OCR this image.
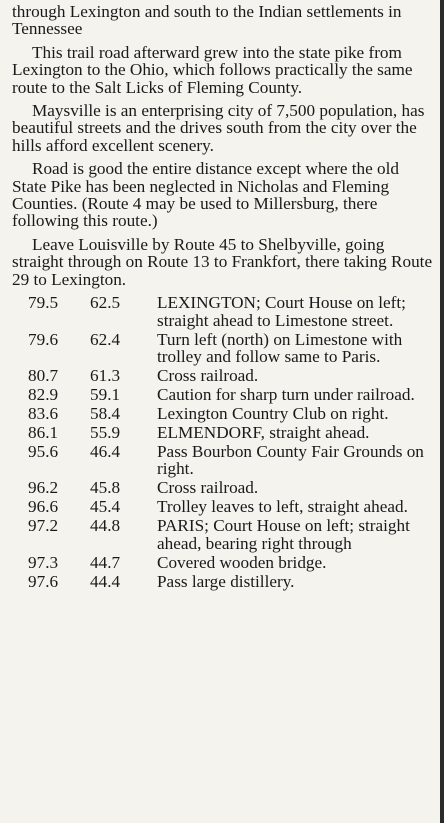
through Lexington and south to the Indian settlements in Tennessee

This trail road afterward grew into the state pike from Lexington to the Ohio, which follows practically the same route to the Salt Licks of Fleming County.

Maysville is an enterprising city of 7,500 population, has beautiful streets and the drives south from the city over the hills afford excellent scenery.

Road is good the entire distance except where the old State Pike has been neglected in Nicholas and Fleming Counties. (Route 4 may be used to Millersburg, there following this route.)

Leave Louisville by Route 45 to Shelbyville, going straight through on Route 13 to Frankfort, there taking Route 29 to Lexington.

79.5	62.5	LEXINGTON; Court House on left; straight ahead to Limestone street.
79.6	62.4	Turn left (north) on Limestone with trolley and follow same to Paris.
80.7	61.3	Cross railroad.
82.9	59.1	Caution for sharp turn under railroad.
83.6	58.4	Lexington Country Club on right.
86.1	55.9	ELMENDORF, straight ahead.
95.6	46.4	Pass Bourbon County Fair Grounds on right.
96.2	45.8	Cross railroad.
96.6	45.4	Trolley leaves to left, straight ahead.
97.2	44.8	PARIS; Court House on left; straight ahead, bearing right through
97.3	44.7	Covered wooden bridge.
97.6	44.4	Pass large distillery.
